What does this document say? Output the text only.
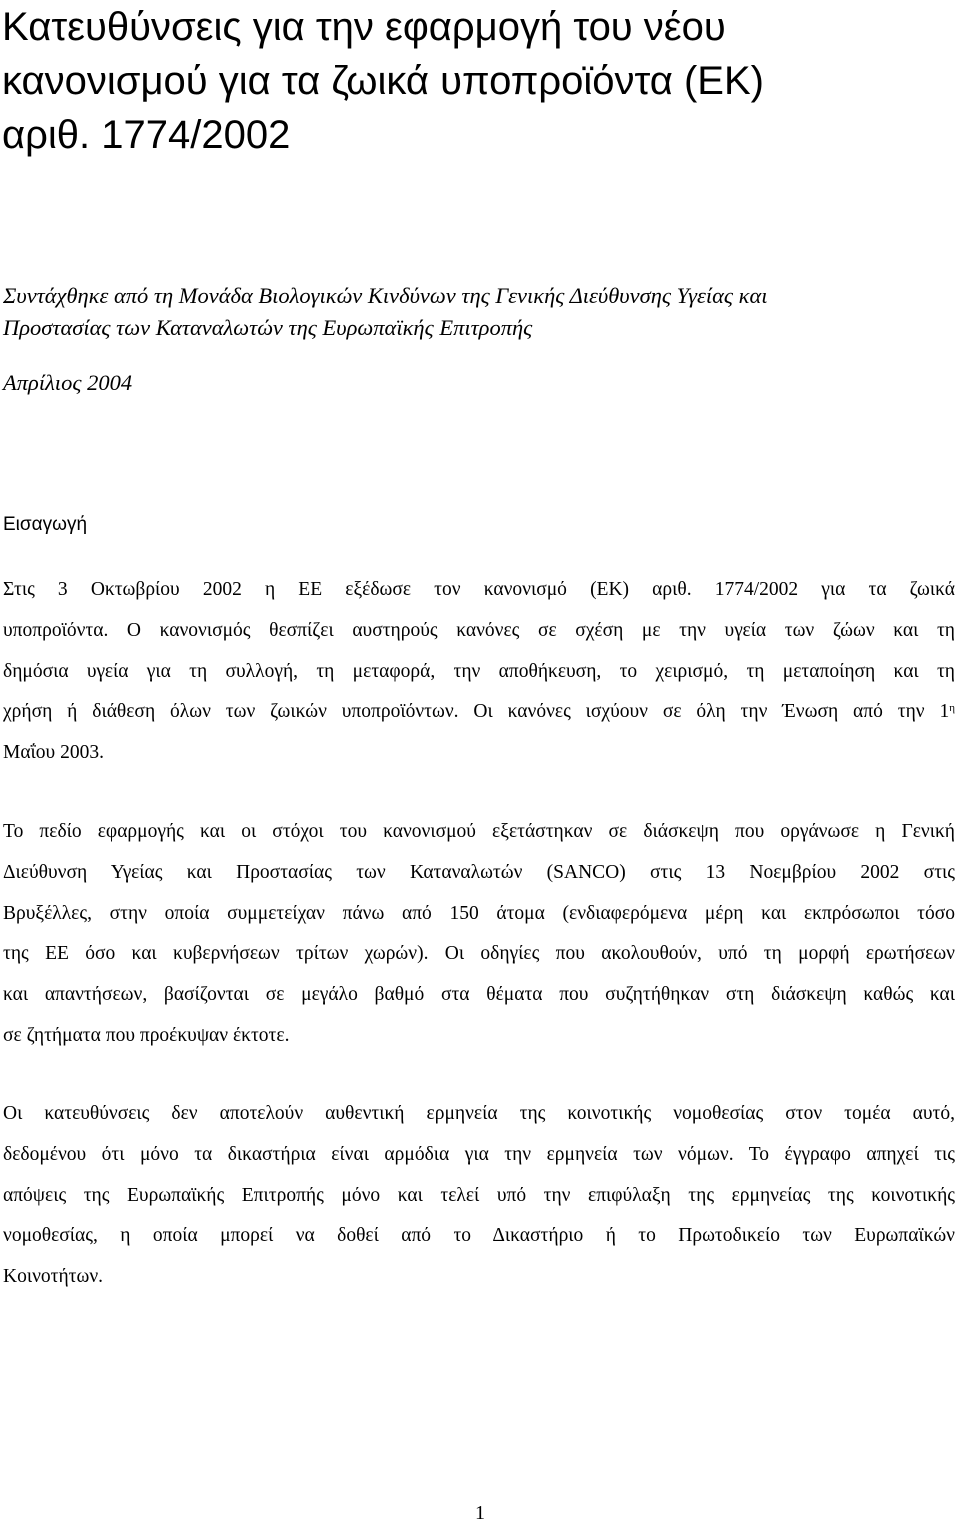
Κατευθύνσεις για την εφαρμογή του νέου
κανονισμού για τα ζωικά υποπροϊόντα (ΕΚ)
αριθ. 1774/2002

Συντάχθηκε από τη Μονάδα Βιολογικών Κινδύνων της Γενικής Διεύθυνσης Υγείας και
Προστασίας των Καταναλωτών της Ευρωπαϊκής Επιτροπής

Απρίλιος 2004

Εισαγωγή
Στις 3 Οκτωβρίου 2002 η ΕΕ εξέδωσε τον κανονισμό (ΕΚ) αριθ. 1774/2002 για τα ζωικά
υποπροϊόντα. Ο κανονισμός θεσπίζει αυστηρούς κανόνες σε σχέση με την υγεία των ζώων και τη
δημόσια υγεία για τη συλλογή, τη μεταφορά, την αποθήκευση, το χειρισμό, τη μεταποίηση και τη
χρήση ή διάθεση όλων των ζωικών υποπροϊόντων. Οι κανόνες ισχύουν σε όλη την Ένωση από την $1^\eta$
Μαΐου 2003.
Το πεδίο εφαρμογής και οι στόχοι του κανονισμού εξετάστηκαν σε διάσκεψη που οργάνωσε η Γενική
Διεύθυνση Υγείας και Προστασίας των Καταναλωτών (SANCO) στις 13 Νοεμβρίου 2002 στις
Βρυξέλλες, στην οποία συμμετείχαν πάνω από 150 άτομα (ενδιαφερόμενα μέρη και εκπρόσωποι τόσο
της ΕΕ όσο και κυβερνήσεων τρίτων χωρών). Οι οδηγίες που ακολουθούν, υπό τη μορφή ερωτήσεων
και απαντήσεων, βασίζονται σε μεγάλο βαθμό στα θέματα που συζητήθηκαν στη διάσκεψη καθώς και
σε ζητήματα που προέκυψαν έκτοτε.
Οι κατευθύνσεις δεν αποτελούν αυθεντική ερμηνεία της κοινοτικής νομοθεσίας στον τομέα αυτό,
δεδομένου ότι μόνο τα δικαστήρια είναι αρμόδια για την ερμηνεία των νόμων. Το έγγραφο απηχεί τις
απόψεις της Ευρωπαϊκής Επιτροπής μόνο και τελεί υπό την επιφύλαξη της ερμηνείας της κοινοτικής
νομοθεσίας, η οποία μπορεί να δοθεί από το Δικαστήριο ή το Πρωτοδικείο των Ευρωπαϊκών
Κοινοτήτων.
1
